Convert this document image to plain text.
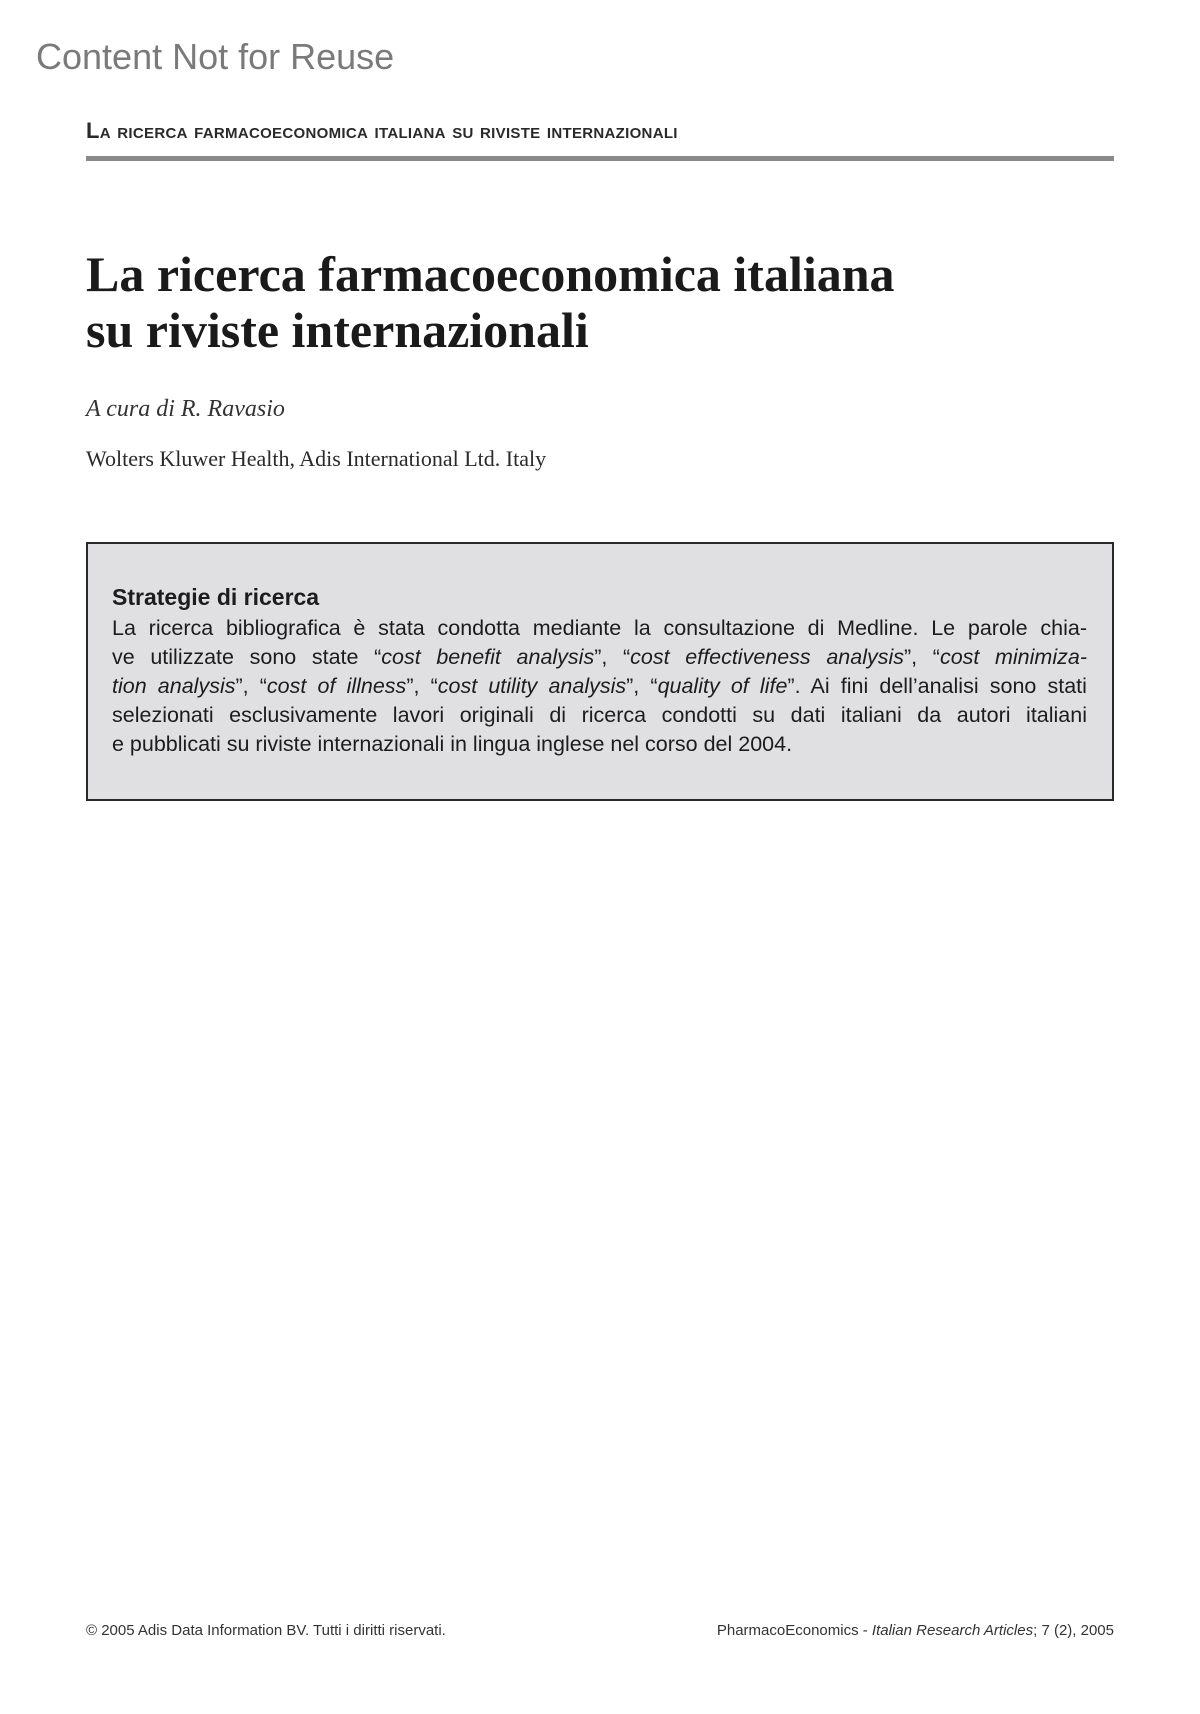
Content Not for Reuse
La ricerca farmacoeconomica italiana su riviste internazionali
La ricerca farmacoeconomica italiana
su riviste internazionali
A cura di R. Ravasio
Wolters Kluwer Health, Adis International Ltd. Italy
Strategie di ricerca
La ricerca bibliografica è stata condotta mediante la consultazione di Medline. Le parole chia-
ve utilizzate sono state “cost benefit analysis”, “cost effectiveness analysis”, “cost minimiza-
tion analysis”, “cost of illness”, “cost utility analysis”, “quality of life”. Ai fini dell’analisi sono stati
selezionati esclusivamente lavori originali di ricerca condotti su dati italiani da autori italiani
e pubblicati su riviste internazionali in lingua inglese nel corso del 2004.
© 2005 Adis Data Information BV. Tutti i diritti riservati.	PharmacoEconomics - Italian Research Articles; 7 (2), 2005
